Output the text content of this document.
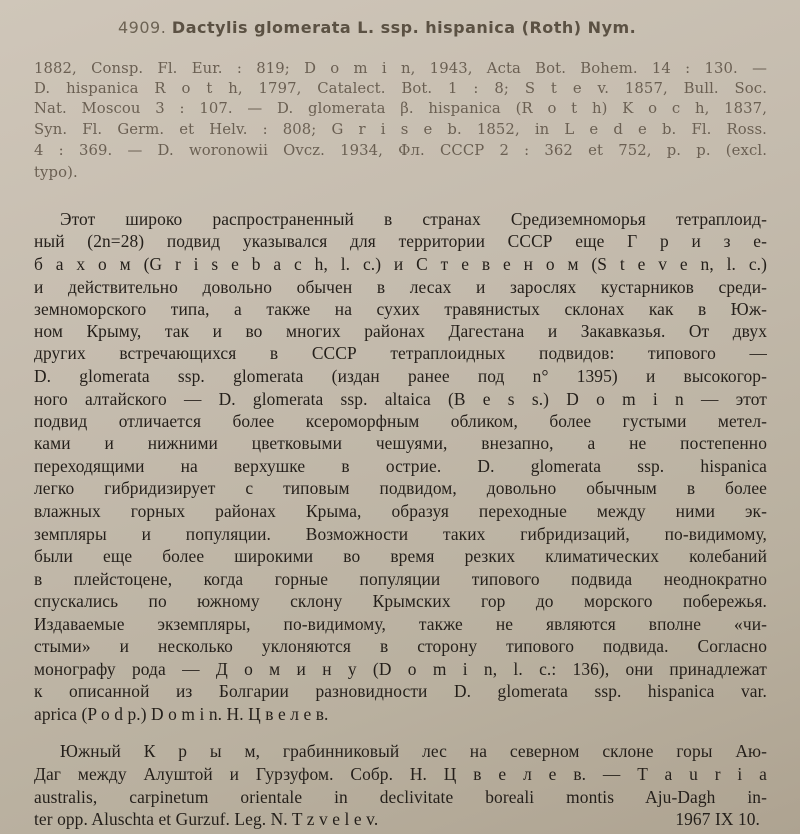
4909. Dactylis glomerata L. ssp. hispanica (Roth) Nym.
1882, Consp. Fl. Eur. : 819; D o m i n, 1943, Acta Bot. Bohem. 14 : 130. —
D. hispanica R o t h, 1797, Catalect. Bot. 1 : 8; S t e v. 1857, Bull. Soc.
Nat. Moscou 3 : 107. — D. glomerata β. hispanica (R o t h) K o c h, 1837,
Syn. Fl. Germ. et Helv. : 808; G r i s e b. 1852, in L e d e b. Fl. Ross.
4 : 369. — D. woronowii Ovcz. 1934, Фл. СССР 2 : 362 et 752, p. p. (excl.
typo).
Этот широко распространенный в странах Средиземноморья тетраплоид-
ный (2n=28) подвид указывался для территории СССР еще Г р и з е-
б а х о м (G r i s e b a c h, l. c.) и С т е в е н о м (S t e v e n, l. c.)
и действительно довольно обычен в лесах и зарослях кустарников среди-
земноморского типа, а также на сухих травянистых склонах как в Юж-
ном Крыму, так и во многих районах Дагестана и Закавказья. От двух
других встречающихся в СССР тетраплоидных подвидов: типового —
D. glomerata ssp. glomerata (издан ранее под n° 1395) и высокогор-
ного алтайского — D. glomerata ssp. altaica (B e s s.) D o m i n — этот
подвид отличается более ксероморфным обликом, более густыми метел-
ками и нижними цветковыми чешуями, внезапно, а не постепенно
переходящими на верхушке в острие. D. glomerata ssp. hispanica
легко гибридизирует с типовым подвидом, довольно обычным в более
влажных горных районах Крыма, образуя переходные между ними эк-
земпляры и популяции. Возможности таких гибридизаций, по-видимому,
были еще более широкими во время резких климатических колебаний
в плейстоцене, когда горные популяции типового подвида неоднократно
спускались по южному склону Крымских гор до морского побережья.
Издаваемые экземпляры, по-видимому, также не являются вполне «чи-
стыми» и несколько уклоняются в сторону типового подвида. Согласно
монографу рода — Д о м и н у (D o m i n, l. c.: 136), они принадлежат
к описанной из Болгарии разновидности D. glomerata ssp. hispanica var.
aprica (P o d p.) D o m i n. Н. Ц в е л е в.
Южный К р ы м, грабинниковый лес на северном склоне горы Аю-
Даг между Алуштой и Гурзуфом. Собр. Н. Ц в е л е в. — T a u r i a
australis, carpinetum orientale in declivitate boreali montis Aju-Dagh in-
ter opp. Aluschta et Gurzuf. Leg. N. T z v e l e v.	1967 IX 10.
